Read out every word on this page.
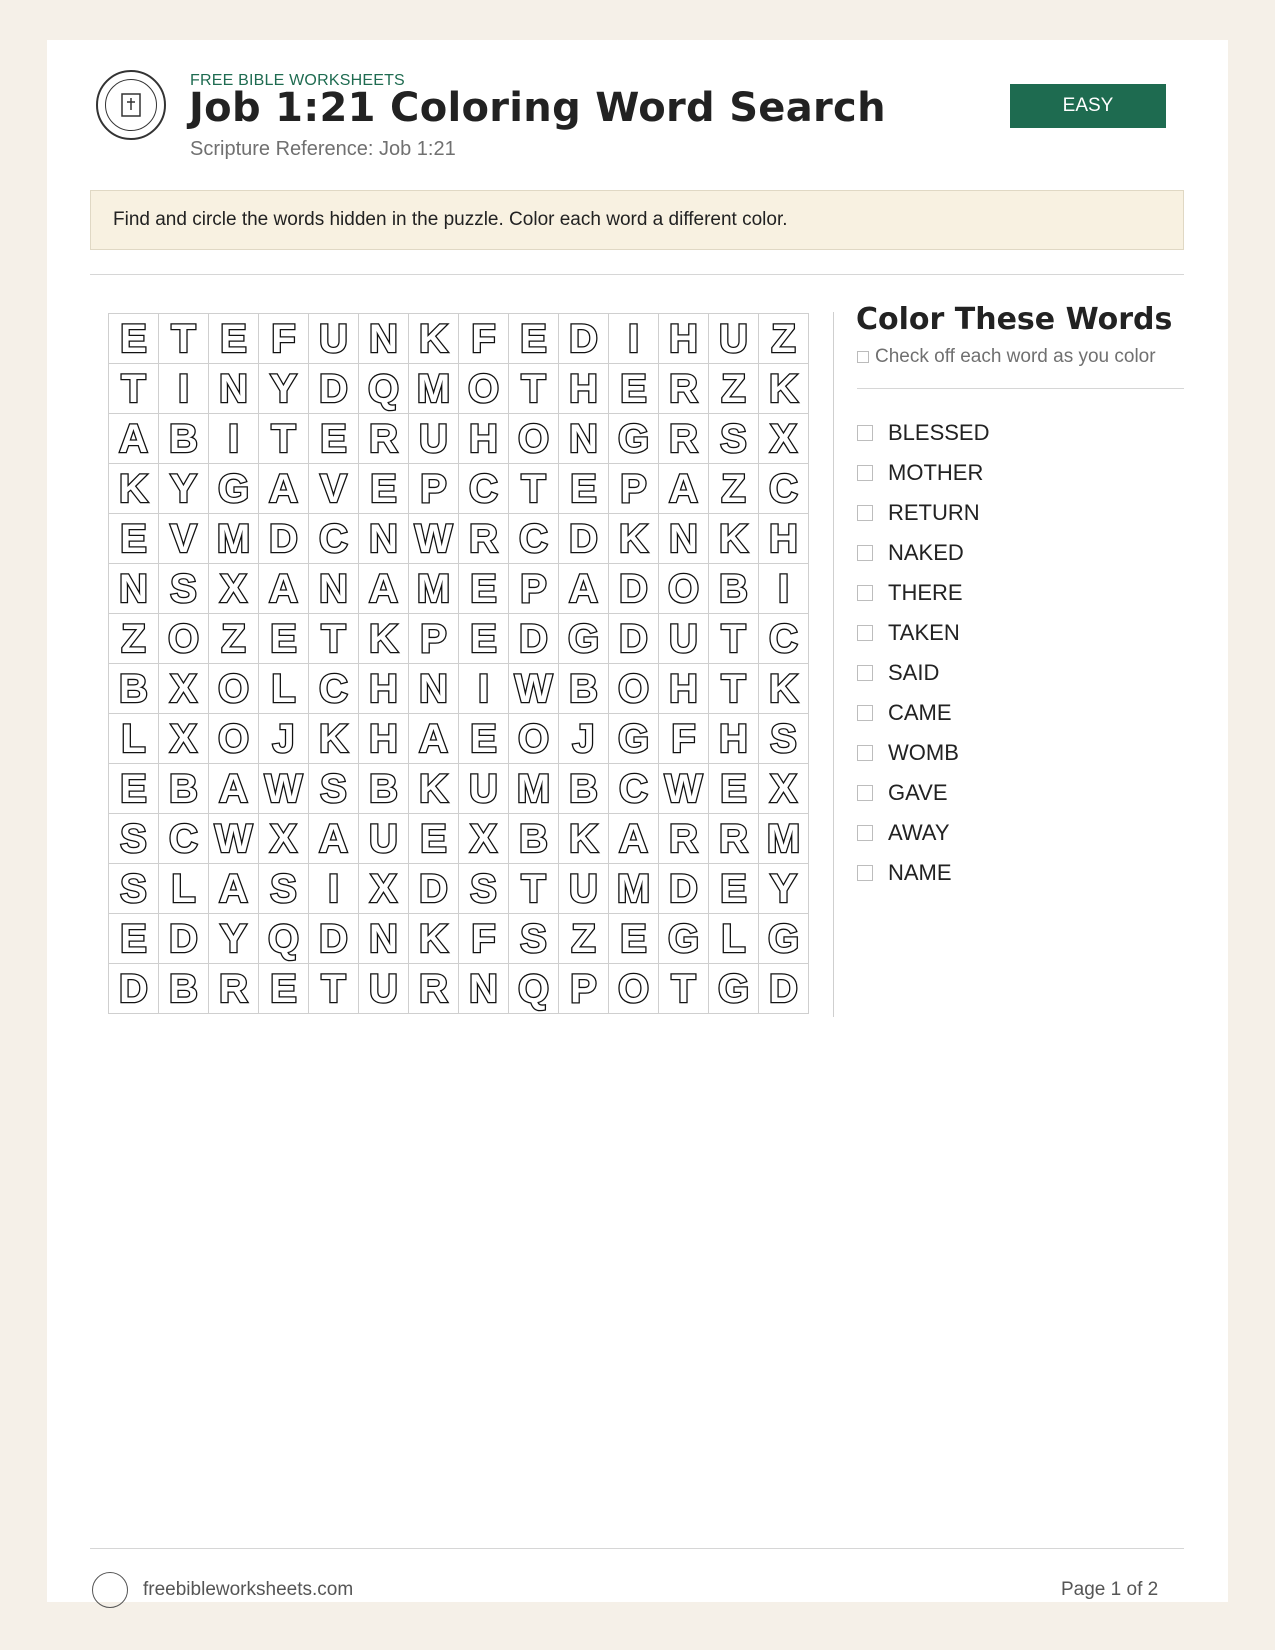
FREE BIBLE WORKSHEETS
Job 1:21 Coloring Word Search
Scripture Reference: Job 1:21
EASY
Find and circle the words hidden in the puzzle. Color each word a different color.
E T E F U N K F E D I H U Z
T I N Y D Q M O T H E R Z K
A B I T E R U H O N G R S X
K Y G A V E P C T E P A Z C
E V M D C N W R C D K N K H
N S X A N A M E P A D O B I
Z O Z E T K P E D G D U T C
B X O L C H N I W B O H T K
L X O J K H A E O J G F H S
E B A W S B K U M B C W E X
S C W X A U E X B K A R R M
S L A S I X D S T U M D E Y
E D Y Q D N K F S Z E G L G
D B R E T U R N Q P O T G D
Color These Words
Check off each word as you color
BLESSED
MOTHER
RETURN
NAKED
THERE
TAKEN
SAID
CAME
WOMB
GAVE
AWAY
NAME
freebibleworksheets.com	Page 1 of 2
